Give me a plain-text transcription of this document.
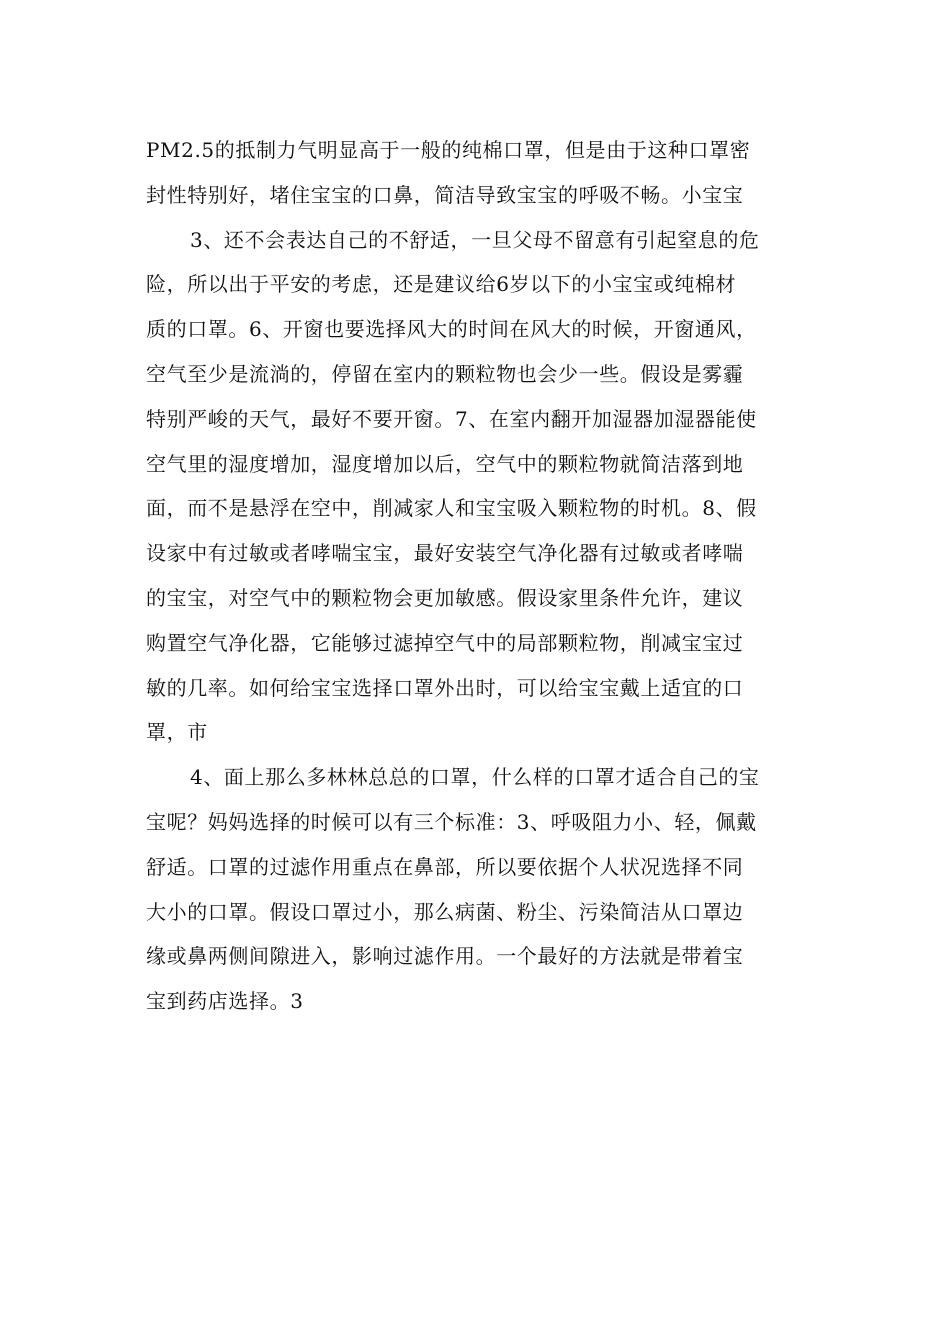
PM2.5的抵制力气明显高于一般的纯棉口罩，但是由于这种口罩密
封性特别好，堵住宝宝的口鼻，简洁导致宝宝的呼吸不畅。小宝宝
3、还不会表达自己的不舒适，一旦父母不留意有引起窒息的危
险，所以出于平安的考虑，还是建议给6岁以下的小宝宝或纯棉材
质的口罩。6、开窗也要选择风大的时间在风大的时候，开窗通风，
空气至少是流淌的，停留在室内的颗粒物也会少一些。假设是雾霾
特别严峻的天气，最好不要开窗。7、在室内翻开加湿器加湿器能使
空气里的湿度增加，湿度增加以后，空气中的颗粒物就简洁落到地
面，而不是悬浮在空中，削减家人和宝宝吸入颗粒物的时机。8、假
设家中有过敏或者哮喘宝宝，最好安装空气净化器有过敏或者哮喘
的宝宝，对空气中的颗粒物会更加敏感。假设家里条件允许，建议
购置空气净化器，它能够过滤掉空气中的局部颗粒物，削减宝宝过
敏的几率。如何给宝宝选择口罩外出时，可以给宝宝戴上适宜的口
罩，市
4、面上那么多林林总总的口罩，什么样的口罩才适合自己的宝
宝呢？妈妈选择的时候可以有三个标准：3、呼吸阻力小、轻，佩戴
舒适。口罩的过滤作用重点在鼻部，所以要依据个人状况选择不同
大小的口罩。假设口罩过小，那么病菌、粉尘、污染简洁从口罩边
缘或鼻两侧间隙进入，影响过滤作用。一个最好的方法就是带着宝
宝到药店选择。3
